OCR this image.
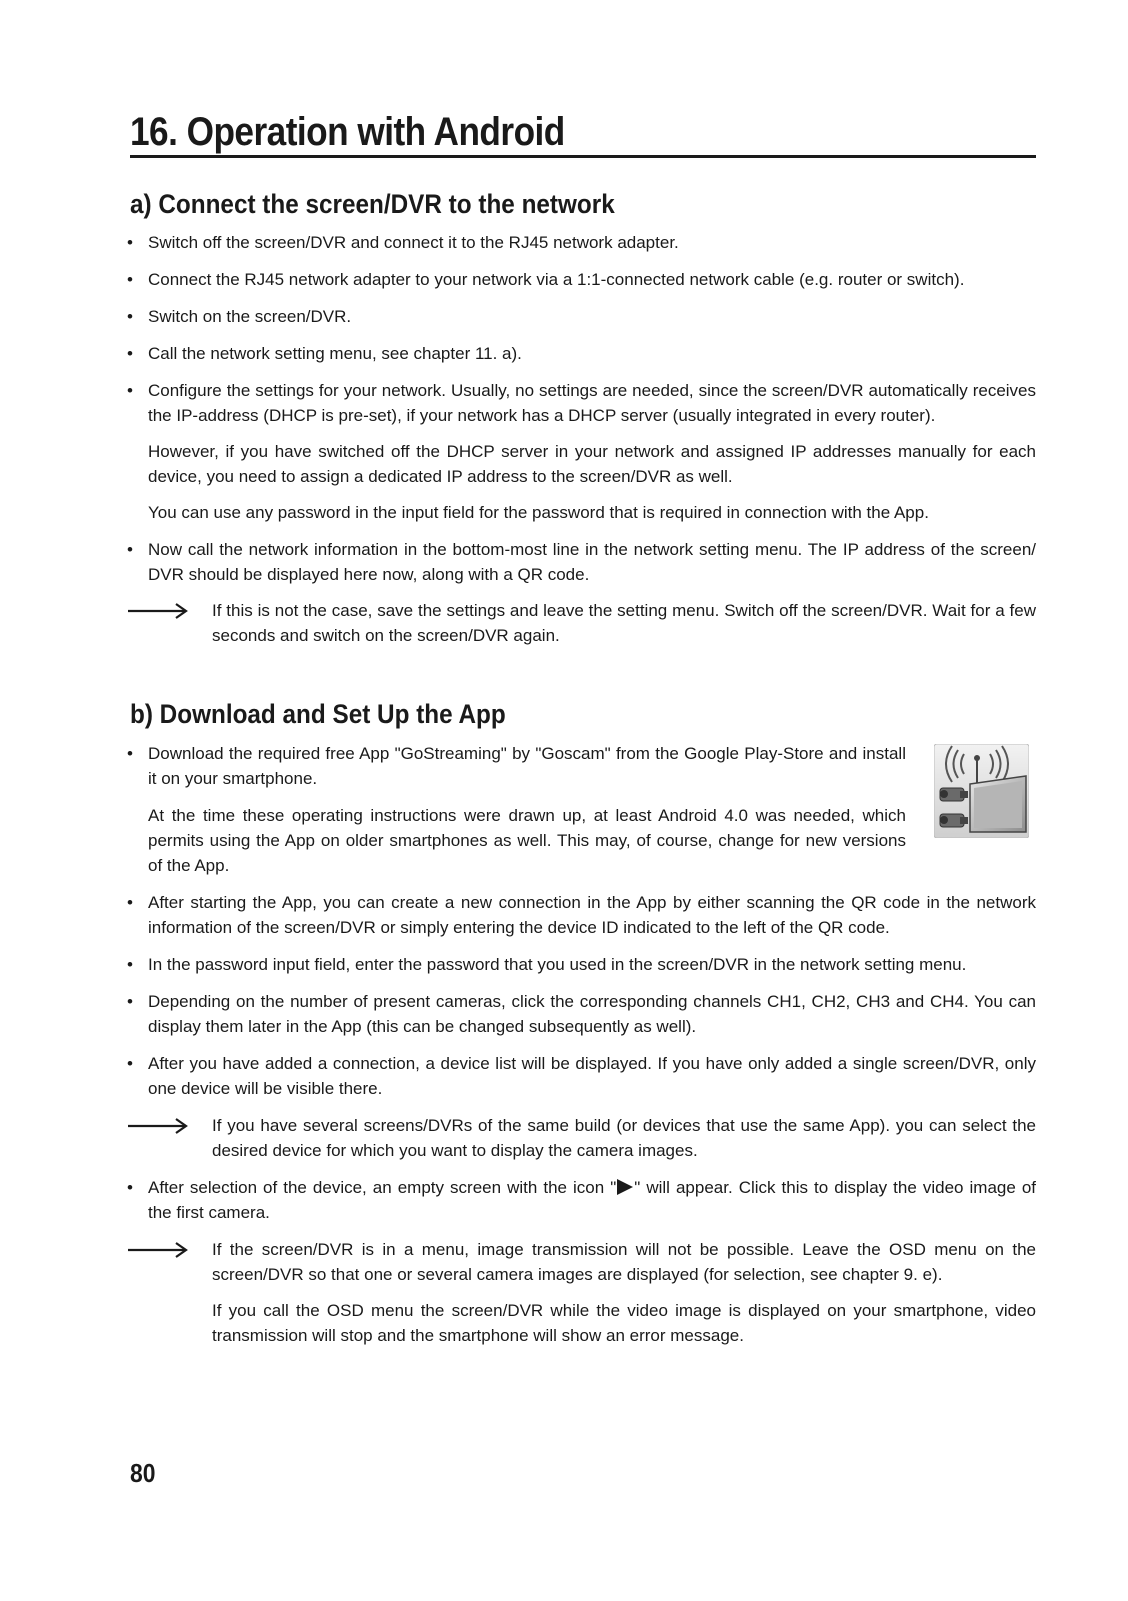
16. Operation with Android
a) Connect the screen/DVR to the network
• Switch off the screen/DVR and connect it to the RJ45 network adapter.
• Connect the RJ45 network adapter to your network via a 1:1-connected network cable (e.g. router or switch).
• Switch on the screen/DVR.
• Call the network setting menu, see chapter 11. a).
• Configure the settings for your network. Usually, no settings are needed, since the screen/DVR automatically receives the IP-address (DHCP is pre-set), if your network has a DHCP server (usually integrated in every router).
However, if you have switched off the DHCP server in your network and assigned IP addresses manually for each device, you need to assign a dedicated IP address to the screen/DVR as well.
You can use any password in the input field for the password that is required in connection with the App.
• Now call the network information in the bottom-most line in the network setting menu. The IP address of the screen/ DVR should be displayed here now, along with a QR code.
If this is not the case, save the settings and leave the setting menu. Switch off the screen/DVR. Wait for a few seconds and switch on the screen/DVR again.
b) Download and Set Up the App
• Download the required free App "GoStreaming" by "Goscam" from the Google Play-Store and install it on your smartphone.
At the time these operating instructions were drawn up, at least Android 4.0 was needed, which permits using the App on older smartphones as well. This may, of course, change for new versions of the App.
• After starting the App, you can create a new connection in the App by either scanning the QR code in the network information of the screen/DVR or simply entering the device ID indicated to the left of the QR code.
• In the password input field, enter the password that you used in the screen/DVR in the network setting menu.
• Depending on the number of present cameras, click the corresponding channels CH1, CH2, CH3 and CH4. You can display them later in the App (this can be changed subsequently as well).
• After you have added a connection, a device list will be displayed. If you have only added a single screen/DVR, only one device will be visible there.
If you have several screens/DVRs of the same build (or devices that use the same App). you can select the desired device for which you want to display the camera images.
• After selection of the device, an empty screen with the icon " " will appear. Click this to display the video image of the first camera.
If the screen/DVR is in a menu, image transmission will not be possible. Leave the OSD menu on the screen/DVR so that one or several camera images are displayed (for selection, see chapter 9. e).
If you call the OSD menu the screen/DVR while the video image is displayed on your smartphone, video transmission will stop and the smartphone will show an error message.
80
